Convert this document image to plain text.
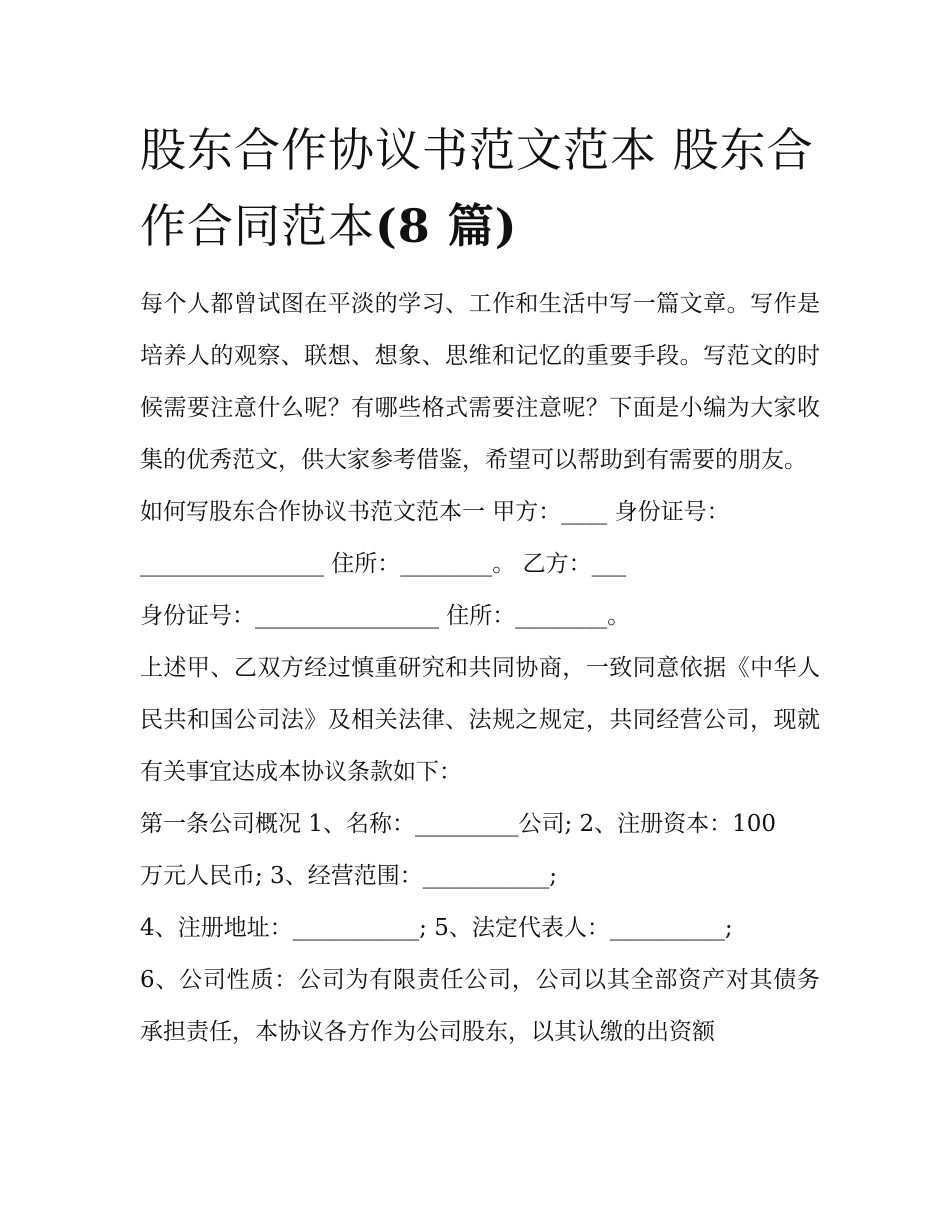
股东合作协议书范文范本 股东合作合同范本(8 篇)

每个人都曾试图在平淡的学习、工作和生活中写一篇文章。写作是培养人的观察、联想、想象、思维和记忆的重要手段。写范文的时候需要注意什么呢？有哪些格式需要注意呢？下面是小编为大家收集的优秀范文，供大家参考借鉴，希望可以帮助到有需要的朋友。

如何写股东合作协议书范文范本一 甲方：____ 身份证号：

________________ 住所：________。 乙方：___

身份证号：________________ 住所：________。

上述甲、乙双方经过慎重研究和共同协商，一致同意依据《中华人民共和国公司法》及相关法律、法规之规定，共同经营公司，现就有关事宜达成本协议条款如下：

第一条公司概况 1、名称：_________公司; 2、注册资本：100

万元人民币; 3、经营范围：___________;

4、注册地址：___________; 5、法定代表人：__________;

6、公司性质：公司为有限责任公司，公司以其全部资产对其债务承担责任，本协议各方作为公司股东，以其认缴的出资额
